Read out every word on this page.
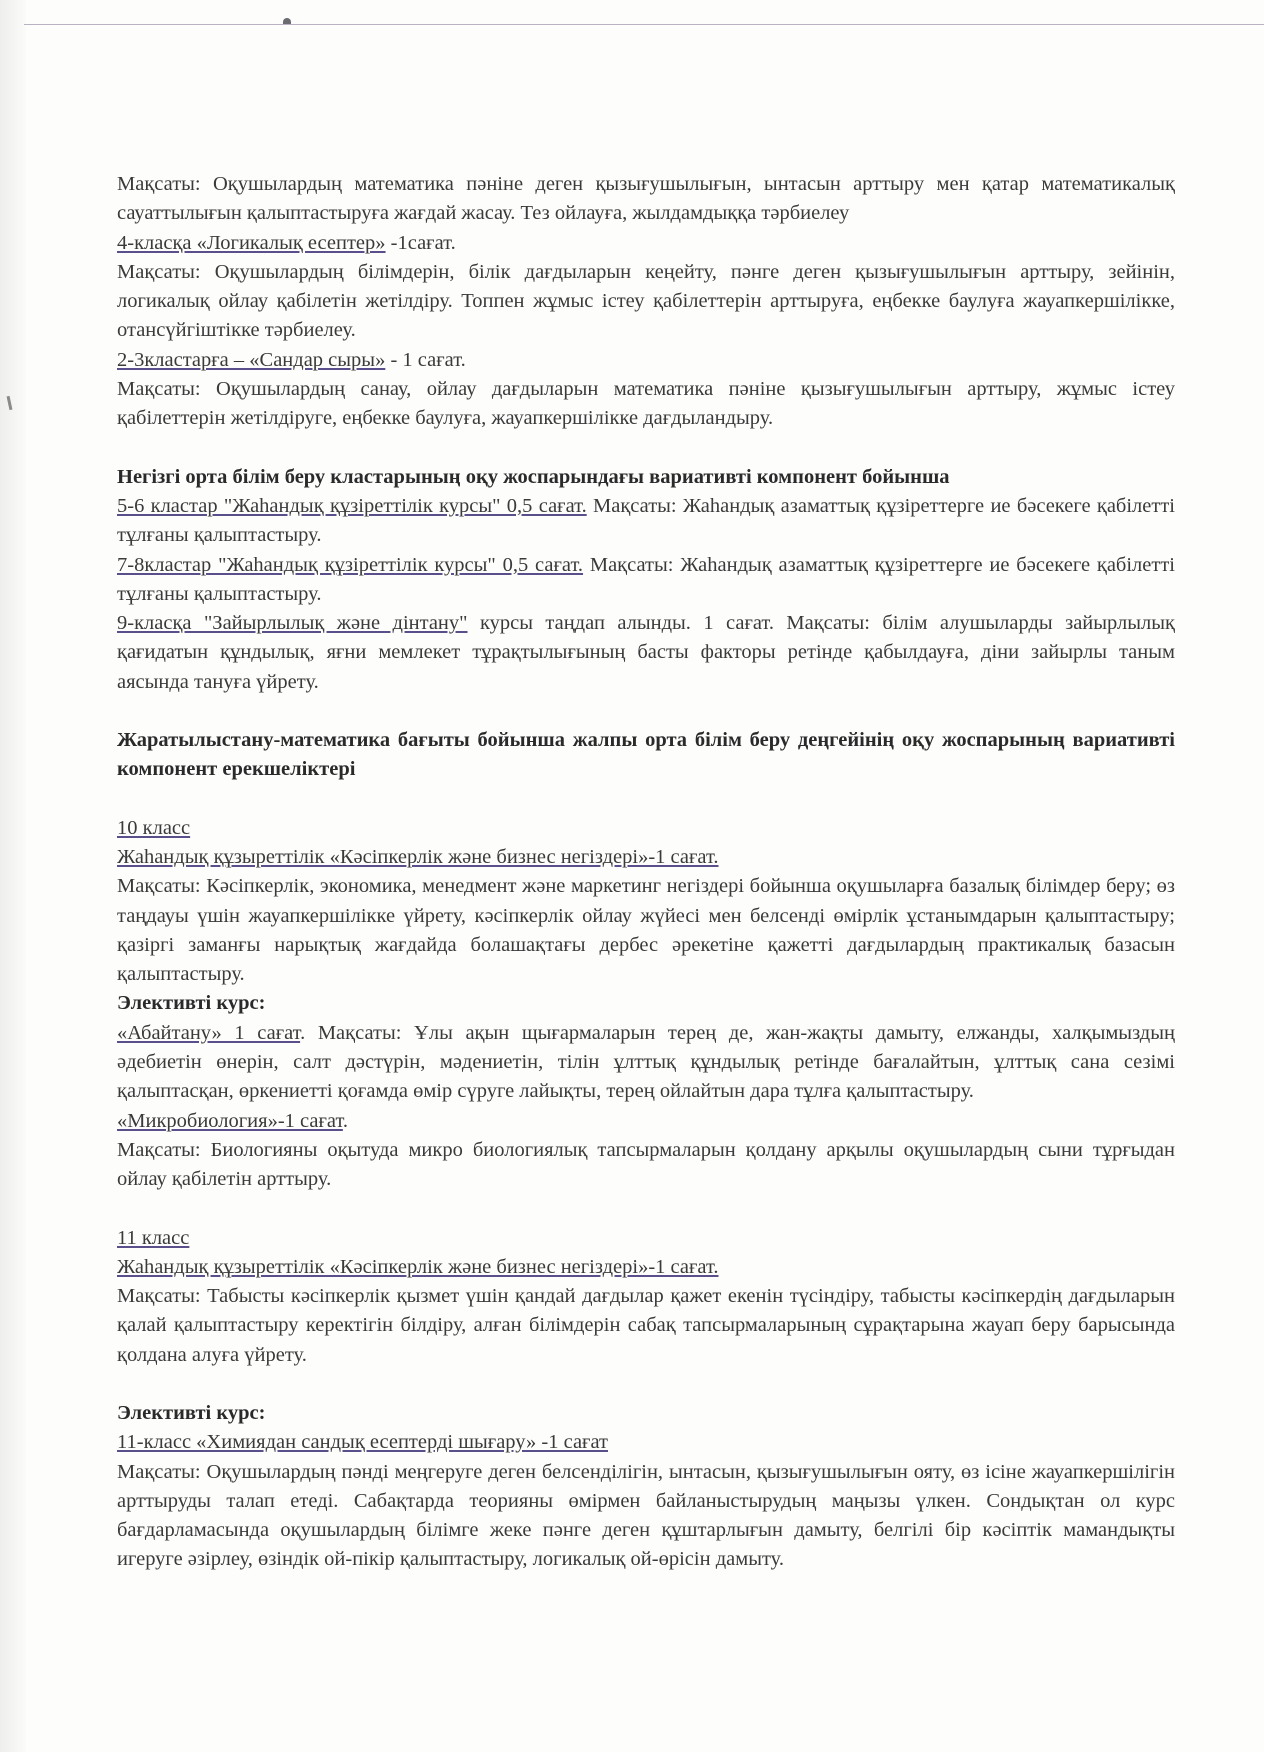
Мақсаты: Оқушылардың математика пәніне деген қызығушылығын, ынтасын арттыру мен қатар математикалық сауаттылығын қалыптастыруға жағдай жасау. Тез ойлауға, жылдамдыққа тәрбиелеу

4-класқа «Логикалық есептер» -1сағат.

Мақсаты: Оқушылардың білімдерін, білік дағдыларын кеңейту, пәнге деген қызығушылығын арттыру, зейінін, логикалық ойлау қабілетін жетілдіру. Топпен жұмыс істеу қабілеттерін арттыруға, еңбекке баулуға жауапкершілікке, отансүйгіштікке тәрбиелеу.

2-3кластарға – «Сандар сыры» - 1 сағат.

Мақсаты: Оқушылардың санау, ойлау дағдыларын математика пәніне қызығушылығын арттыру, жұмыс істеу қабілеттерін жетілдіруге, еңбекке баулуға, жауапкершілікке дағдыландыру.

Негізгі орта білім беру кластарының оқу жоспарындағы вариативті компонент бойынша

5-6 кластар "Жаһандық құзіреттілік курсы" 0,5 сағат. Мақсаты: Жаһандық азаматтық құзіреттерге ие бәсекеге қабілетті тұлғаны қалыптастыру.

7-8кластар "Жаһандық құзіреттілік курсы" 0,5 сағат. Мақсаты: Жаһандық азаматтық құзіреттерге ие бәсекеге қабілетті тұлғаны қалыптастыру.

9-класқа "Зайырлылық және дінтану" курсы таңдап алынды. 1 сағат. Мақсаты: білім алушыларды зайырлылық қағидатын құндылық, яғни мемлекет тұрақтылығының басты факторы ретінде қабылдауға, діни зайырлы таным аясында тануға үйрету.

Жаратылыстану-математика бағыты бойынша жалпы орта білім беру деңгейінің оқу жоспарының вариативті компонент ерекшеліктері

10 класс

Жаһандық құзыреттілік «Кәсіпкерлік және бизнес негіздері»-1 сағат.

Мақсаты: Кәсіпкерлік, экономика, менедмент және маркетинг негіздері бойынша оқушыларға базалық білімдер беру; өз таңдауы үшін жауапкершілікке үйрету, кәсіпкерлік ойлау жүйесі мен белсенді өмірлік ұстанымдарын қалыптастыру; қазіргі заманғы нарықтық жағдайда болашақтағы дербес әрекетіне қажетті дағдылардың практикалық базасын қалыптастыру.

Элективті курс:

«Абайтану» 1 сағат. Мақсаты: Ұлы ақын щығармаларын терең де, жан-жақты дамыту, елжанды, халқымыздың әдебиетін өнерін, салт дәстүрін, мәдениетін, тілін ұлттық құндылық ретінде бағалайтын, ұлттық сана сезімі қалыптасқан, өркениетті қоғамда өмір сүруге лайықты, терең ойлайтын дара тұлға қалыптастыру.

«Микробиология»-1 сағат.

Мақсаты: Биологияны оқытуда микро биологиялық тапсырмаларын қолдану арқылы оқушылардың сыни тұрғыдан ойлау қабілетін арттыру.

11 класс

Жаһандық құзыреттілік «Кәсіпкерлік және бизнес негіздері»-1 сағат.

Мақсаты: Табысты кәсіпкерлік қызмет үшін қандай дағдылар қажет екенін түсіндіру, табысты кәсіпкердің дағдыларын қалай қалыптастыру керектігін білдіру, алған білімдерін сабақ тапсырмаларының сұрақтарына жауап беру барысында қолдана алуға үйрету.

Элективті курс:

11-класс «Химиядан сандық есептерді шығару» -1 сағат

Мақсаты: Оқушылардың пәнді меңгеруге деген белсенділігін, ынтасын, қызығушылығын ояту, өз ісіне жауапкершілігін арттыруды талап етеді. Сабақтарда теорияны өмірмен байланыстырудың маңызы үлкен. Сондықтан ол курс бағдарламасында оқушылардың білімге жеке пәнге деген құштарлығын дамыту, белгілі бір кәсіптік мамандықты игеруге әзірлеу, өзіндік ой-пікір қалыптастыру, логикалық ой-өрісін дамыту.
